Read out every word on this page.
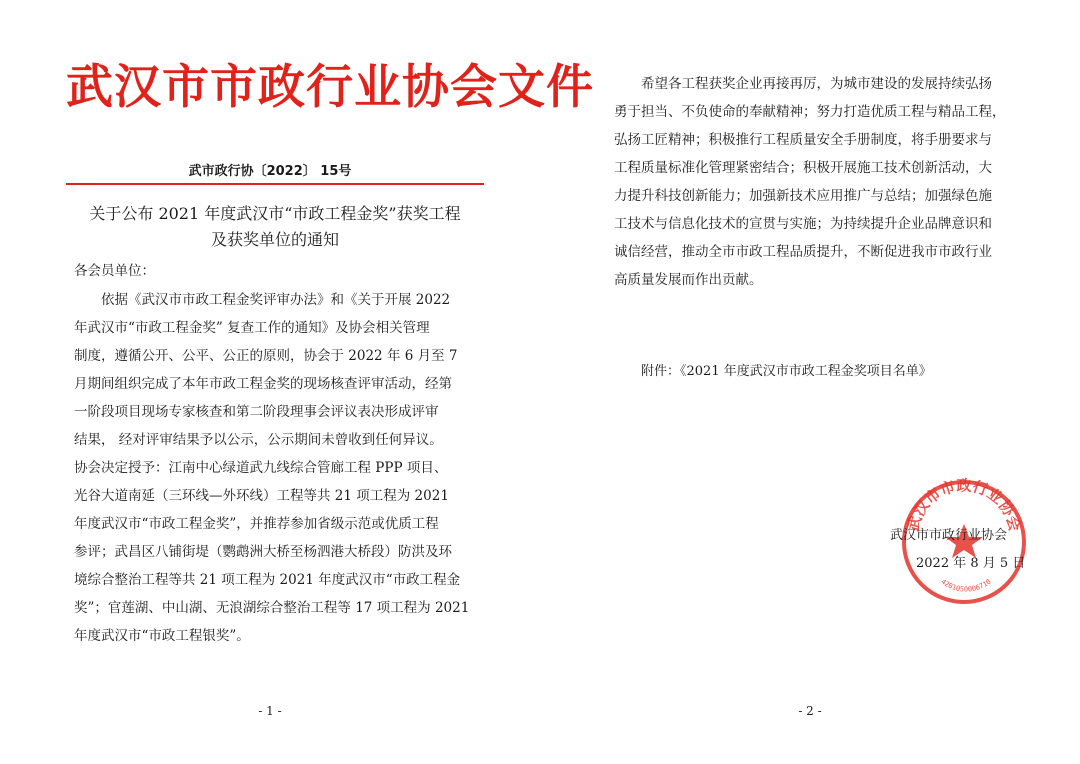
武汉市市政行业协会文件
武市政行协〔2022〕 15号
关于公布 2021 年度武汉市“市政工程金奖”获奖工程
及获奖单位的通知
各会员单位：
依据《武汉市市政工程金奖评审办法》和《关于开展 2022
年武汉市“市政工程金奖” 复查工作的通知》及协会相关管理
制度，遵循公开、公平、公正的原则，协会于 2022 年 6 月至 7
月期间组织完成了本年市政工程金奖的现场核查评审活动，经第
一阶段项目现场专家核查和第二阶段理事会评议表决形成评审
结果， 经对评审结果予以公示，公示期间未曾收到任何异议。
协会决定授予：江南中心绿道武九线综合管廊工程 PPP 项目、
光谷大道南延（三环线—外环线）工程等共 21 项工程为 2021
年度武汉市“市政工程金奖”，并推荐参加省级示范或优质工程
参评；武昌区八铺街堤（鹦鹉洲大桥至杨泗港大桥段）防洪及环
境综合整治工程等共 21 项工程为 2021 年度武汉市“市政工程金
奖”；官莲湖、中山湖、无浪湖综合整治工程等 17 项工程为 2021
年度武汉市“市政工程银奖”。
- 1 -
希望各工程获奖企业再接再厉，为城市建设的发展持续弘扬
勇于担当、不负使命的奉献精神；努力打造优质工程与精品工程，
弘扬工匠精神；积极推行工程质量安全手册制度，将手册要求与
工程质量标准化管理紧密结合；积极开展施工技术创新活动，大
力提升科技创新能力；加强新技术应用推广与总结；加强绿色施
工技术与信息化技术的宣贯与实施；为持续提升企业品牌意识和
诚信经营，推动全市市政工程品质提升，不断促进我市市政行业
高质量发展而作出贡献。
附件：《2021 年度武汉市市政工程金奖项目名单》
武汉市市政行业协会
4201050006710
武汉市市政行业协会
2022 年 8 月 5 日
- 2 -
